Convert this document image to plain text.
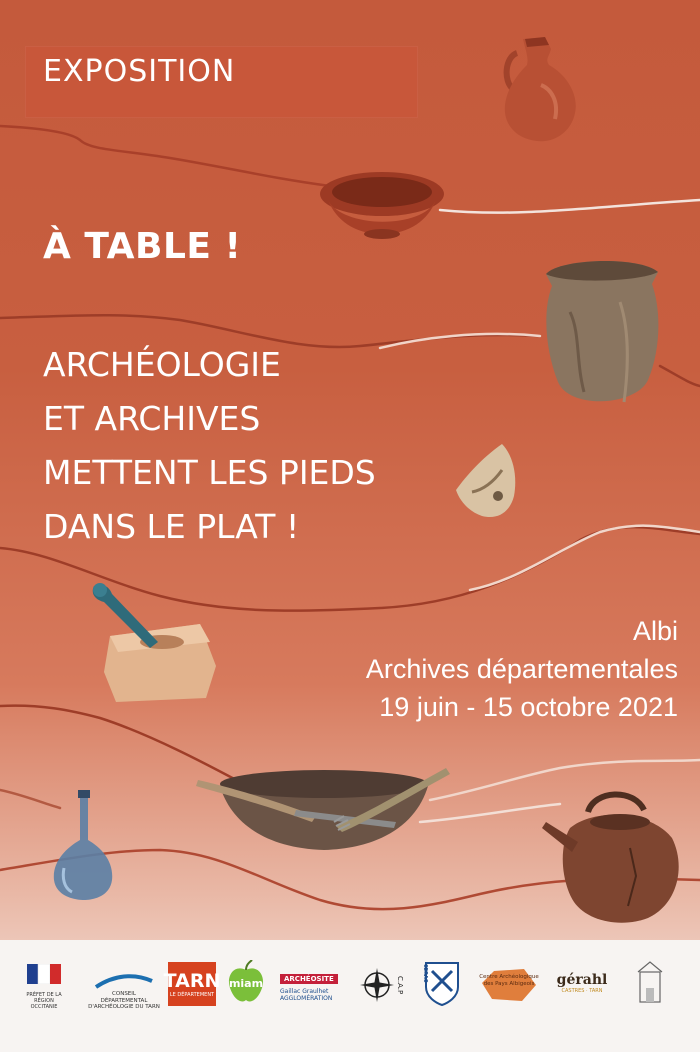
EXPOSITION
À TABLE !
ARCHÉOLOGIE
ET ARCHIVES
METTENT LES PIEDS
DANS LE PLAT !
Albi
Archives départementales
19 juin - 15 octobre 2021
PRÉFET DE LA RÉGION OCCITANIE
CONSEIL DÉPARTEMENTAL D'ARCHÉOLOGIE DU TARN
TARN
LE DÉPARTEMENT
miam	ARCHÉOSITE
Gaillac Graulhet AGGLOMÉRATION
C.A.P
CERAC	Centre Archéologique des Pays Albigeois	gérahl
CASTRES · TARN
